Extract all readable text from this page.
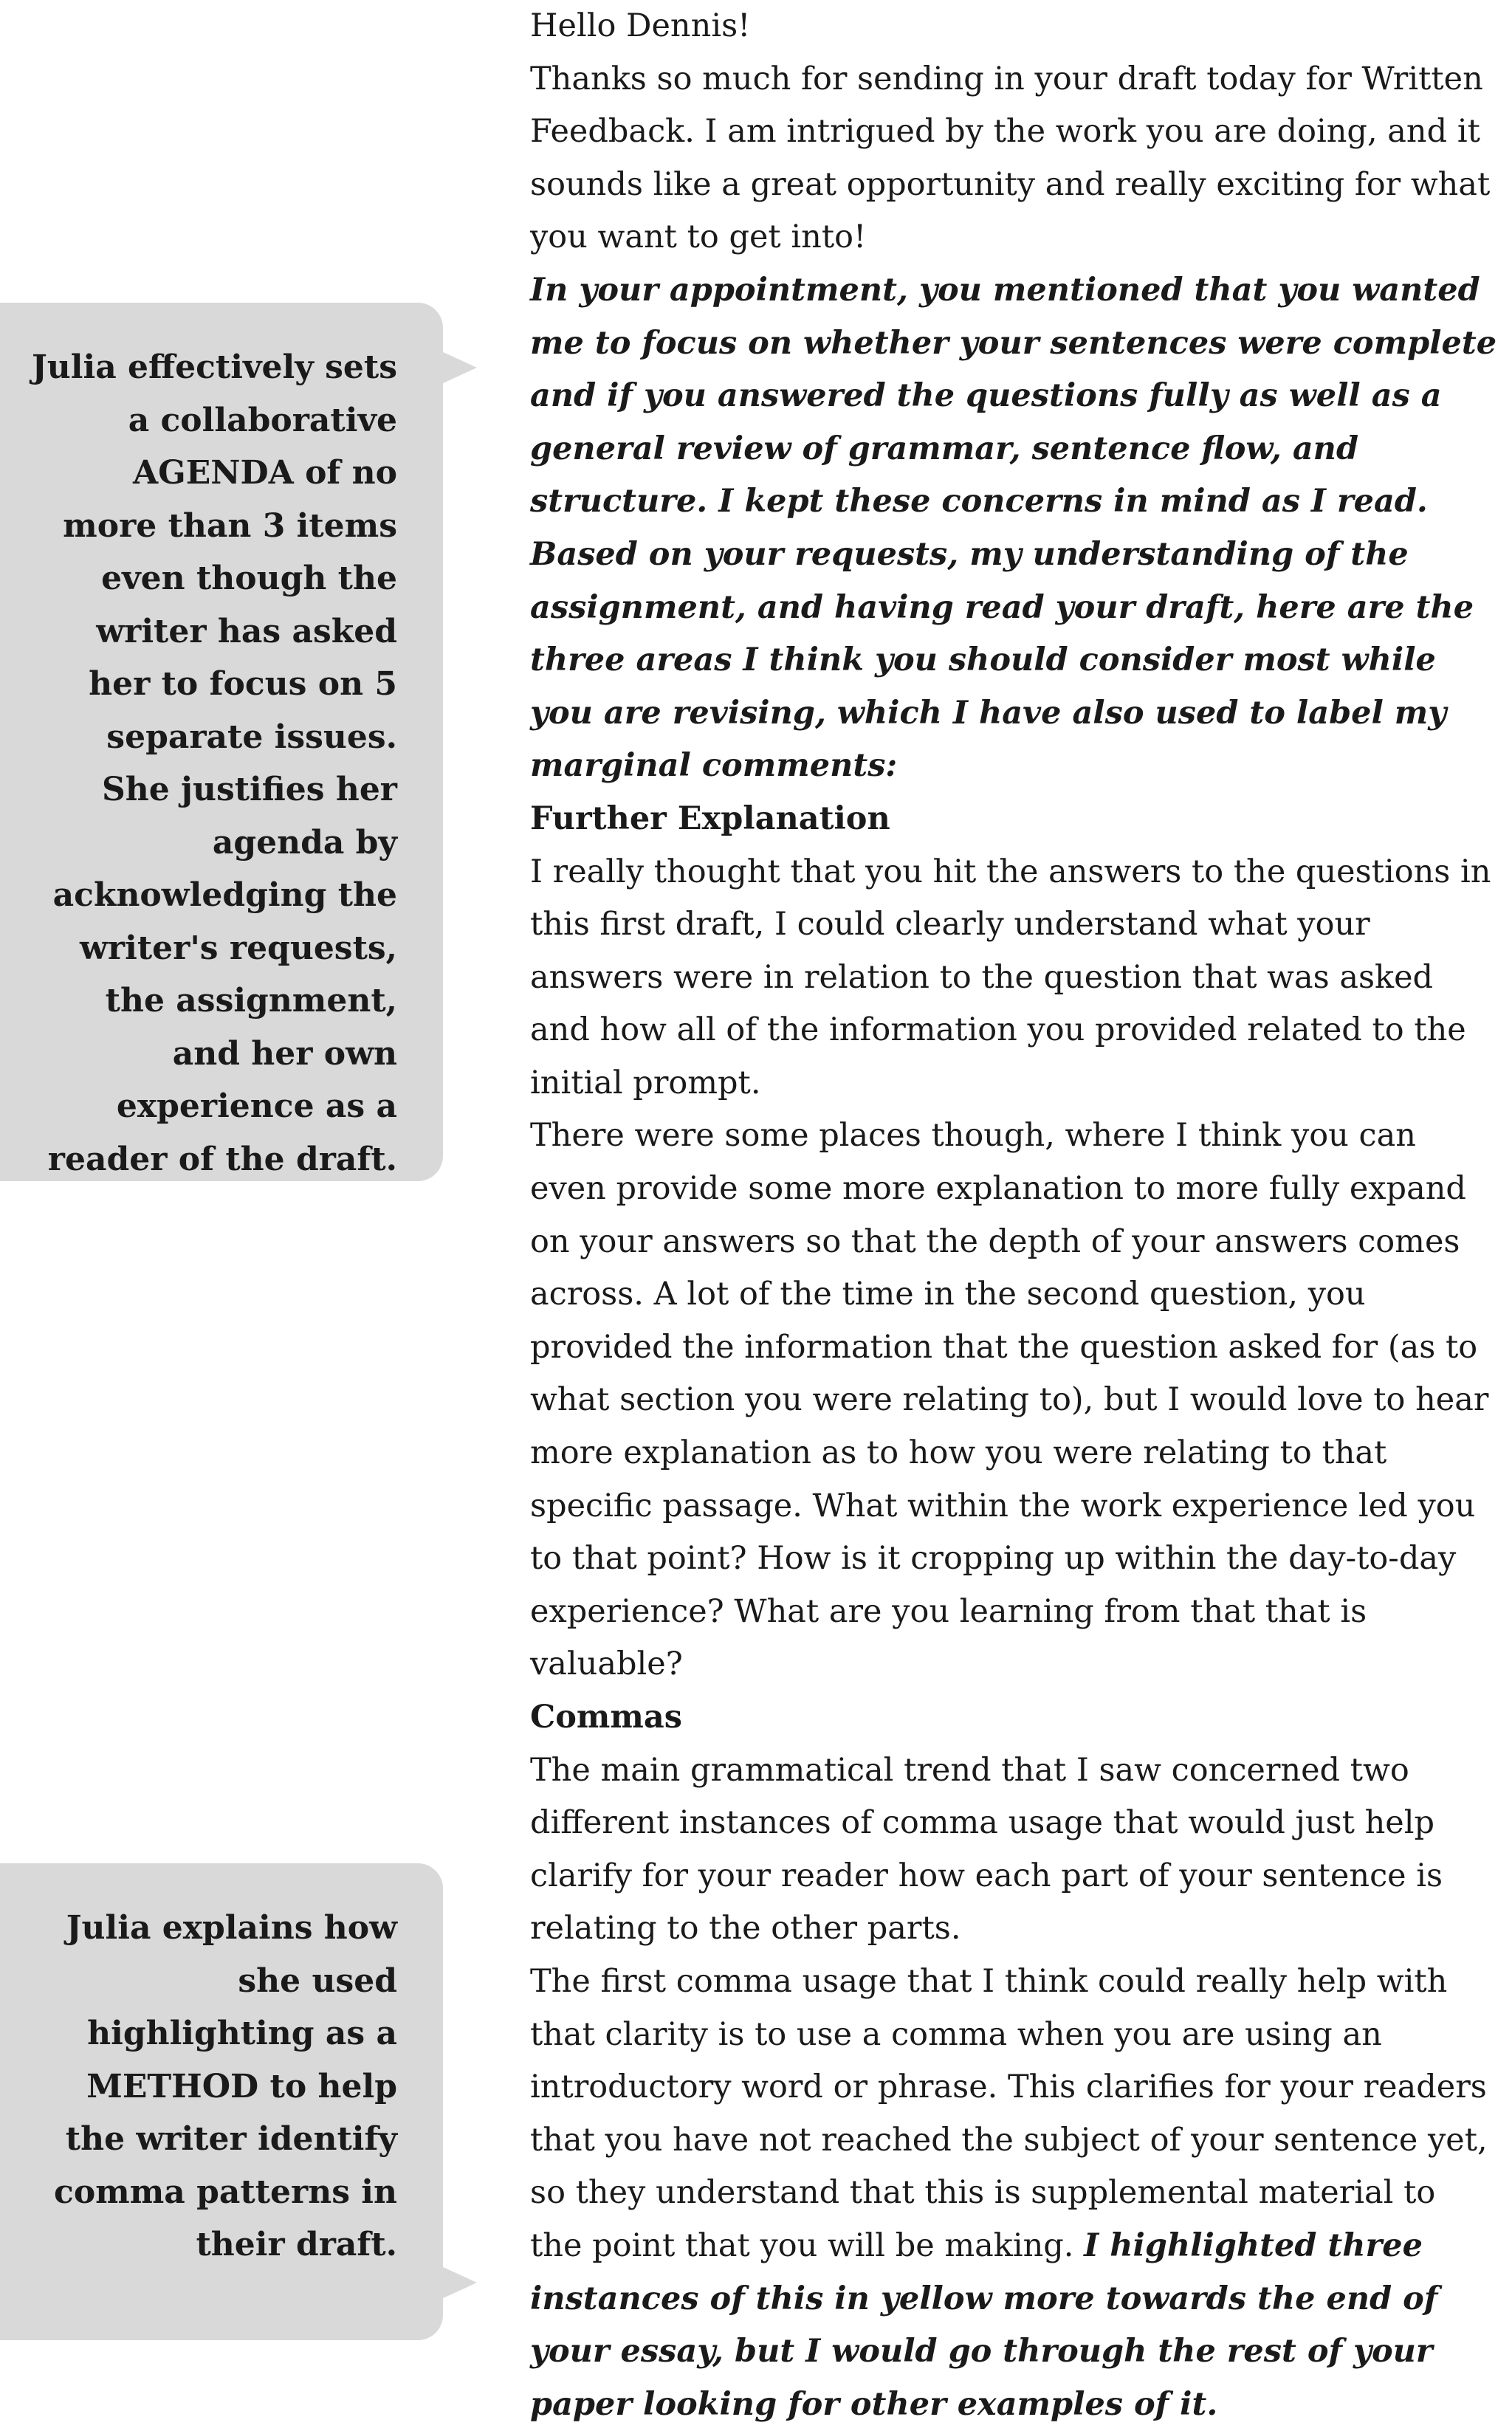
Julia effectively sets a collaborative AGENDA of no more than 3 items even though the writer has asked her to focus on 5 separate issues. She justifies her agenda by acknowledging the writer's requests, the assignment, and her own experience as a reader of the draft.
Julia explains how she used highlighting as a METHOD to help the writer identify comma patterns in their draft.

Hello Dennis!

Thanks so much for sending in your draft today for Written Feedback. I am intrigued by the work you are doing, and it sounds like a great opportunity and really exciting for what you want to get into!

In your appointment, you mentioned that you wanted me to focus on whether your sentences were complete and if you answered the questions fully as well as a general review of grammar, sentence flow, and structure. I kept these concerns in mind as I read. Based on your requests, my understanding of the assignment, and having read your draft, here are the three areas I think you should consider most while you are revising, which I have also used to label my marginal comments:

Further Explanation

I really thought that you hit the answers to the questions in this first draft, I could clearly understand what your answers were in relation to the question that was asked and how all of the information you provided related to the initial prompt.

There were some places though, where I think you can even provide some more explanation to more fully expand on your answers so that the depth of your answers comes across. A lot of the time in the second question, you provided the information that the question asked for (as to what section you were relating to), but I would love to hear more explanation as to how you were relating to that specific passage. What within the work experience led you to that point? How is it cropping up within the day-to-day experience? What are you learning from that that is valuable?

Commas

The main grammatical trend that I saw concerned two different instances of comma usage that would just help clarify for your reader how each part of your sentence is relating to the other parts.

The first comma usage that I think could really help with that clarity is to use a comma when you are using an introductory word or phrase. This clarifies for your readers that you have not reached the subject of your sentence yet, so they understand that this is supplemental material to the point that you will be making. I highlighted three instances of this in yellow more towards the end of your essay, but I would go through the rest of your paper looking for other examples of it.
